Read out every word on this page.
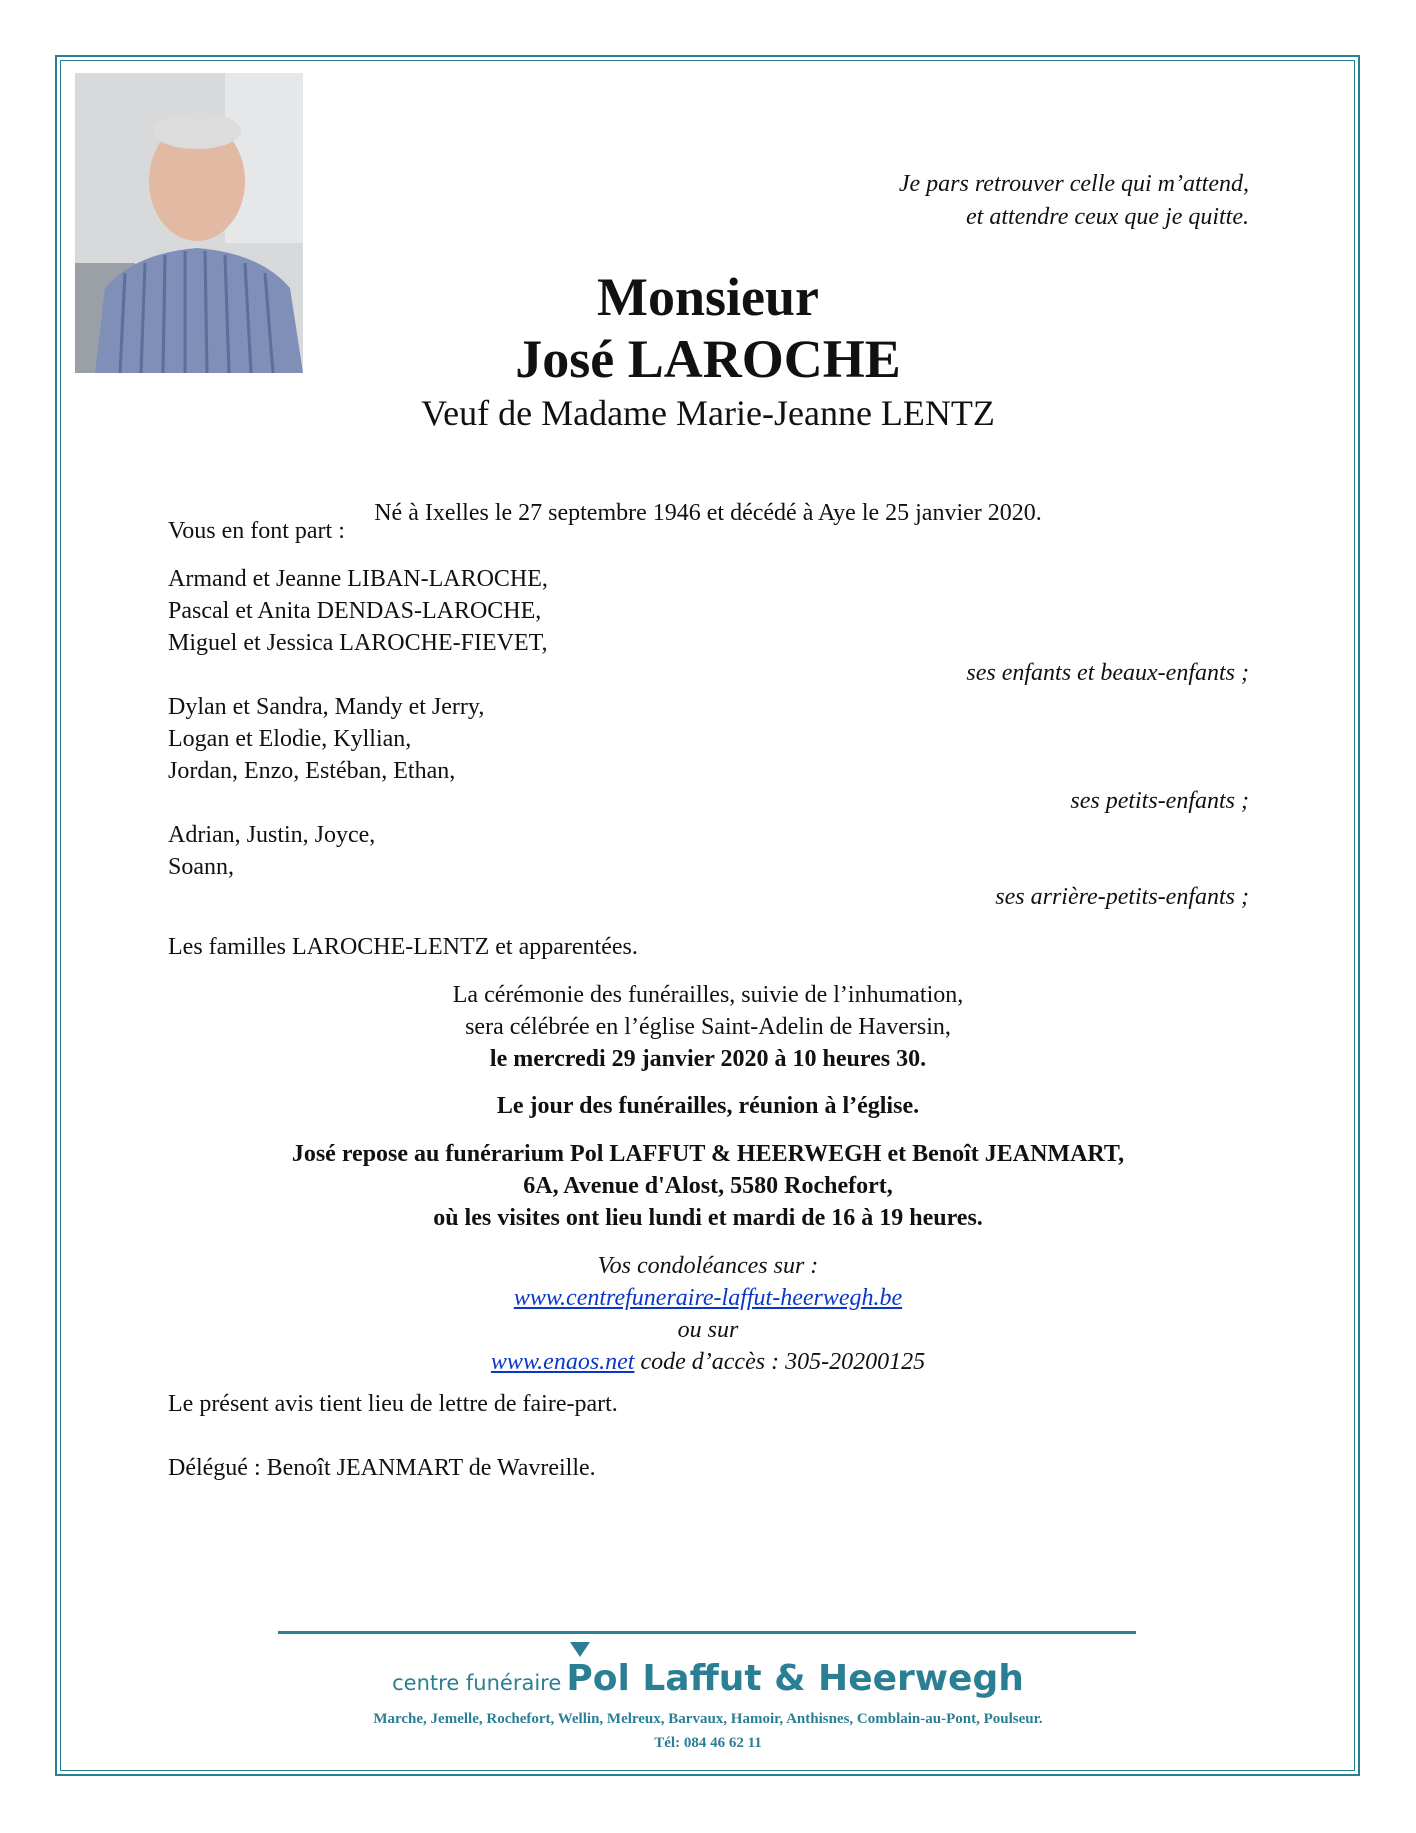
Je pars retrouver celle qui m’attend,
et attendre ceux que je quitte.
Monsieur
José LAROCHE
Veuf de Madame Marie-Jeanne LENTZ
Né à Ixelles le 27 septembre 1946 et décédé à Aye le 25 janvier 2020.
Vous en font part :
Armand et Jeanne LIBAN-LAROCHE,
Pascal et Anita DENDAS-LAROCHE,
Miguel et Jessica LAROCHE-FIEVET,
ses enfants et beaux-enfants ;
Dylan et Sandra, Mandy et Jerry,
Logan et Elodie, Kyllian,
Jordan, Enzo, Estéban, Ethan,
ses petits-enfants ;
Adrian, Justin, Joyce,
Soann,
ses arrière-petits-enfants ;
Les familles LAROCHE-LENTZ et apparentées.
La cérémonie des funérailles, suivie de l’inhumation,
sera célébrée en l’église Saint-Adelin de Haversin,
le mercredi 29 janvier 2020 à 10 heures 30.
Le jour des funérailles, réunion à l’église.
José repose au funérarium Pol LAFFUT & HEERWEGH et Benoît JEANMART,
6A, Avenue d'Alost, 5580 Rochefort,
où les visites ont lieu lundi et mardi de 16 à 19 heures.
Vos condoléances sur :
www.centrefuneraire-laffut-heerwegh.be
ou sur
www.enaos.net code d’accès : 305-20200125
Le présent avis tient lieu de lettre de faire-part.
Délégué : Benoît JEANMART de Wavreille.
centre funéraire Pol Laffut & Heerwegh
Marche, Jemelle, Rochefort, Wellin, Melreux, Barvaux, Hamoir, Anthisnes, Comblain-au-Pont, Poulseur.
Tél: 084 46 62 11
